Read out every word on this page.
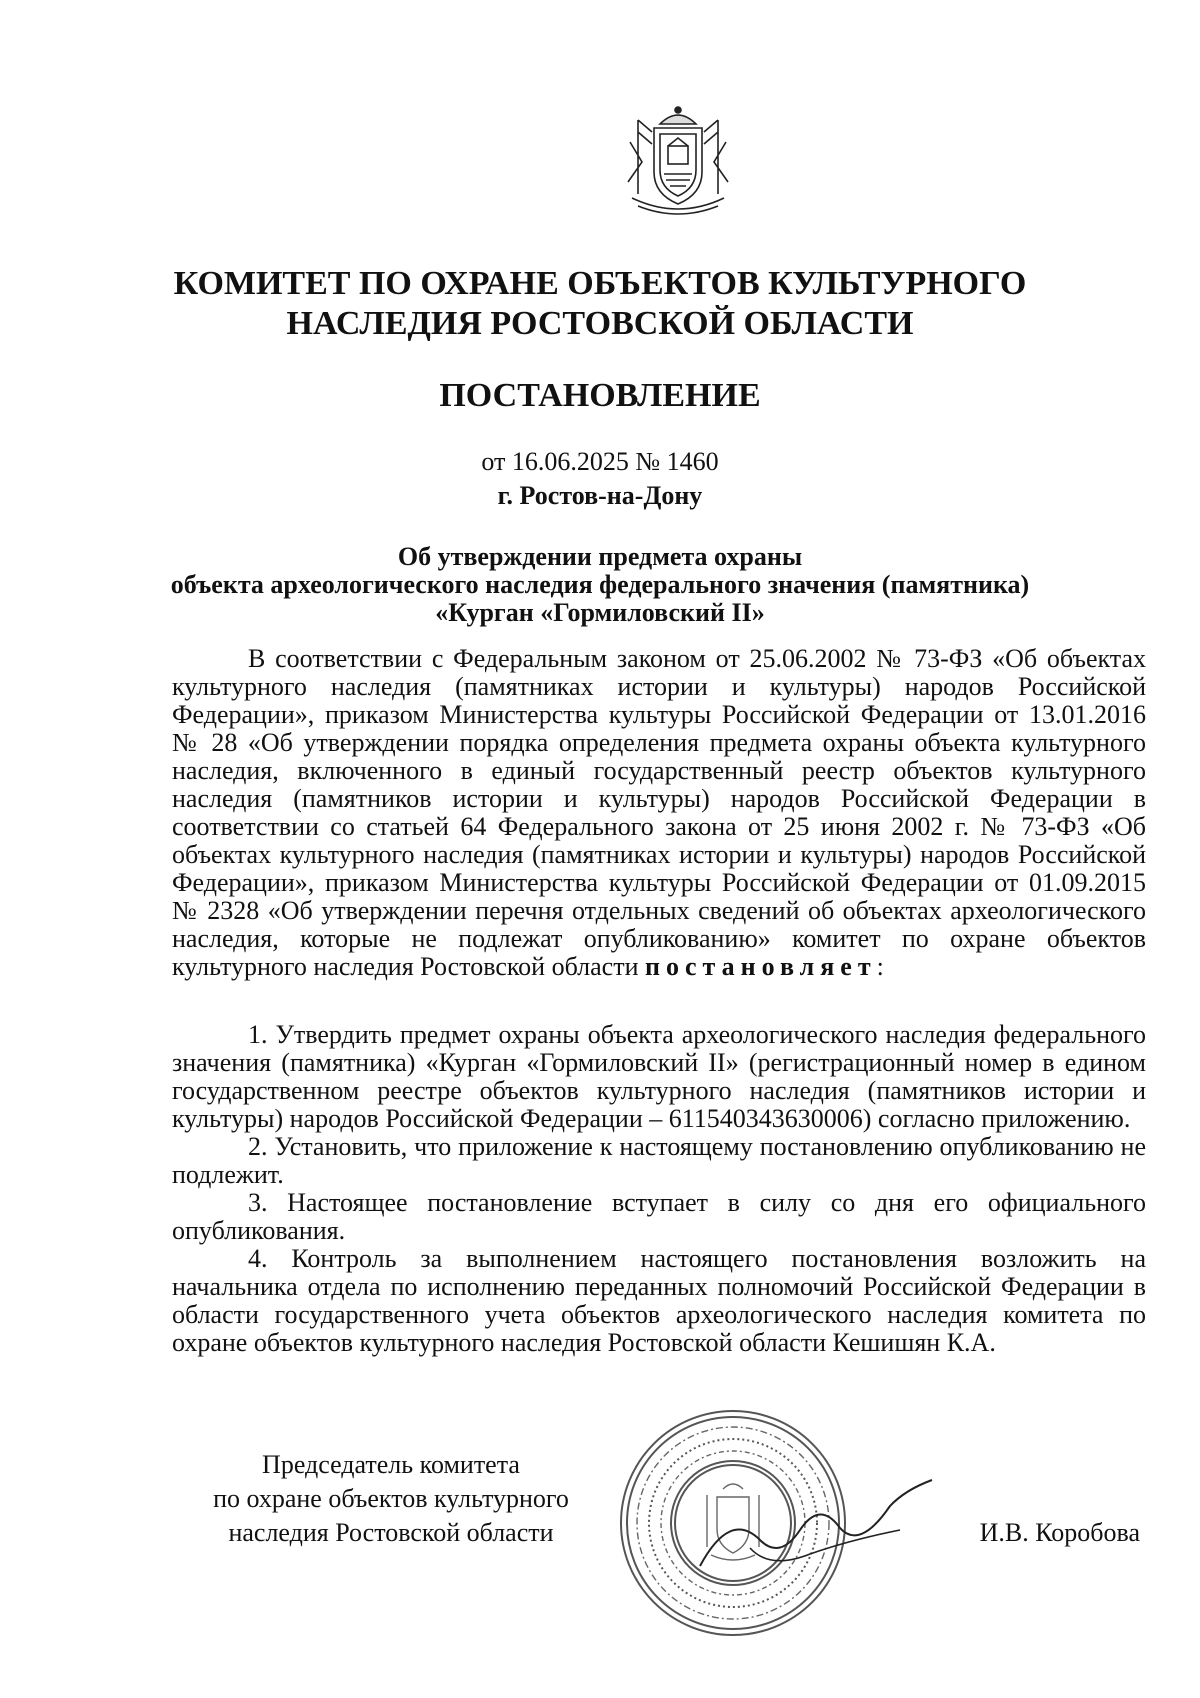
КОМИТЕТ ПО ОХРАНЕ ОБЪЕКТОВ КУЛЬТУРНОГО
НАСЛЕДИЯ РОСТОВСКОЙ ОБЛАСТИ
ПОСТАНОВЛЕНИЕ
от 16.06.2025 № 1460
г. Ростов-на-Дону
Об утверждении предмета охраны
объекта археологического наследия федерального значения (памятника)
«Курган «Гормиловский II»

В соответствии с Федеральным законом от 25.06.2002 № 73-ФЗ «Об объектах культурного наследия (памятниках истории и культуры) народов Российской Федерации», приказом Министерства культуры Российской Федерации от 13.01.2016 № 28 «Об утверждении порядка определения предмета охраны объекта культурного наследия, включенного в единый государственный реестр объектов культурного наследия (памятников истории и культуры) народов Российской Федерации в соответствии со статьей 64 Федерального закона от 25 июня 2002 г. № 73-ФЗ «Об объектах культурного наследия (памятниках истории и культуры) народов Российской Федерации», приказом Министерства культуры Российской Федерации от 01.09.2015 № 2328 «Об утверждении перечня отдельных сведений об объектах археологического наследия, которые не подлежат опубликованию» комитет по охране объектов культурного наследия Ростовской области постановляет:

1. Утвердить предмет охраны объекта археологического наследия федерального значения (памятника) «Курган «Гормиловский II» (регистрационный номер в едином государственном реестре объектов культурного наследия (памятников истории и культуры) народов Российской Федерации – 611540343630006) согласно приложению.

2. Установить, что приложение к настоящему постановлению опубликованию не подлежит.

3. Настоящее постановление вступает в силу со дня его официального опубликования.

4. Контроль за выполнением настоящего постановления возложить на начальника отдела по исполнению переданных полномочий Российской Федерации в области государственного учета объектов археологического наследия комитета по охране объектов культурного наследия Ростовской области Кешишян К.А.

Председатель комитета
по охране объектов культурного
наследия Ростовской области	И.В. Коробова
